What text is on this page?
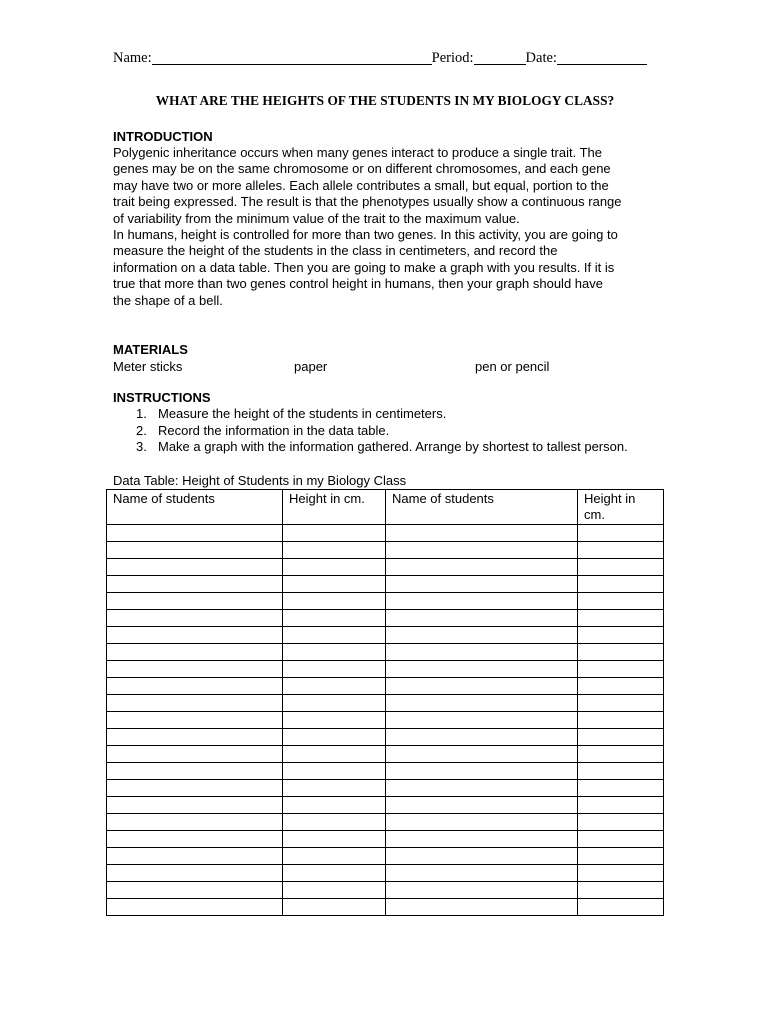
Name:	Period:	Date:
WHAT ARE THE HEIGHTS OF THE STUDENTS IN MY BIOLOGY CLASS?
INTRODUCTION
Polygenic inheritance occurs when many genes interact to produce a single trait. The
genes may be on the same chromosome or on different chromosomes, and each gene
may have two or more alleles. Each allele contributes a small, but equal, portion to the
trait being expressed. The result is that the phenotypes usually show a continuous range
of variability from the minimum value of the trait to the maximum value.
In humans, height is controlled for more than two genes. In this activity, you are going to
measure the height of the students in the class in centimeters, and record the
information on a data table. Then you are going to make a graph with you results. If it is
true that more than two genes control height in humans, then your graph should have
the shape of a bell.
MATERIALS
Meter sticks	paper	pen or pencil
INSTRUCTIONS
1. Measure the height of the students in centimeters.
2. Record the information in the data table.
3. Make a graph with the information gathered. Arrange by shortest to tallest person.
Data Table: Height of Students in my Biology Class
Name of students	Height in cm.	Name of students	Height in cm.
